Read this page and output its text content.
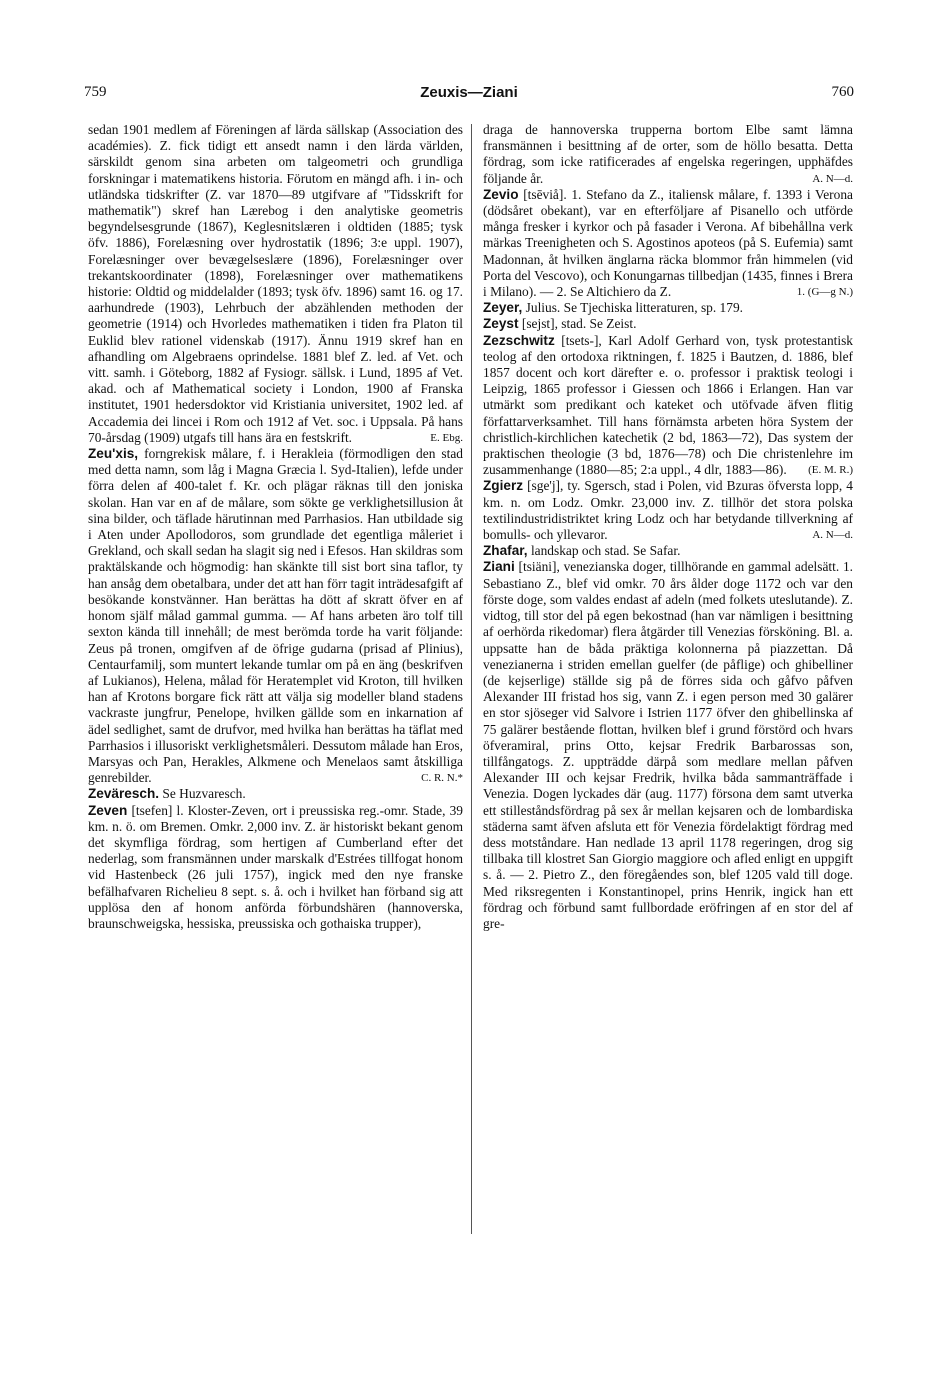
759	Zeuxis—Ziani	760

sedan 1901 medlem af Föreningen af lärda sällskap (Association des académies). Z. fick tidigt ett ansedt namn i den lärda världen, särskildt genom sina arbeten om talgeometri och grundliga forskningar i matematikens historia. Förutom en mängd afh. i in- och utländska tidskrifter (Z. var 1870—89 utgifvare af "Tidsskrift for mathematik") skref han Lærebog i den analytiske geometris begyndelsesgrunde (1867), Keglesnitslæren i oldtiden (1885; tysk öfv. 1886), Forelæsning over hydrostatik (1896; 3:e uppl. 1907), Forelæsninger over bevægelseslære (1896), Forelæsninger over trekantskoordinater (1898), Forelæsninger over mathematikens historie: Oldtid og middelalder (1893; tysk öfv. 1896) samt 16. og 17. aarhundrede (1903), Lehrbuch der abzählenden methoden der geometrie (1914) och Hvorledes mathematiken i tiden fra Platon til Euklid blev rationel videnskab (1917). Ännu 1919 skref han en afhandling om Algebraens oprindelse. 1881 blef Z. led. af Vet. och vitt. samh. i Göteborg, 1882 af Fysiogr. sällsk. i Lund, 1895 af Vet. akad. och af Mathematical society i London, 1900 af Franska institutet, 1901 hedersdoktor vid Kristiania universitet, 1902 led. af Accademia dei lincei i Rom och 1912 af Vet. soc. i Uppsala. På hans 70-årsdag (1909) utgafs till hans ära en festskrift.	E. Ebg.

Zeu'xis, forngrekisk målare, f. i Herakleia (förmodligen den stad med detta namn, som låg i Magna Græcia l. Syd-Italien), lefde under förra delen af 400-talet f. Kr. och plägar räknas till den joniska skolan. Han var en af de målare, som sökte ge verklighetsillusion åt sina bilder, och täflade härutinnan med Parrhasios. Han utbildade sig i Aten under Apollodoros, som grundlade det egentliga måleriet i Grekland, och skall sedan ha slagit sig ned i Efesos. Han skildras som praktälskande och högmodig: han skänkte till sist bort sina taflor, ty han ansåg dem obetalbara, under det att han förr tagit inträdesafgift af besökande konstvänner. Han berättas ha dött af skratt öfver en af honom själf målad gammal gumma. — Af hans arbeten äro tolf till sexton kända till innehåll; de mest berömda torde ha varit följande: Zeus på tronen, omgifven af de öfrige gudarna (prisad af Plinius), Centaurfamilj, som muntert lekande tumlar om på en äng (beskrifven af Lukianos), Helena, målad för Heratemplet vid Kroton, till hvilken han af Krotons borgare fick rätt att välja sig modeller bland stadens vackraste jungfrur, Penelope, hvilken gällde som en inkarnation af ädel sedlighet, samt de drufvor, med hvilka han berättas ha täflat med Parrhasios i illusoriskt verklighetsmåleri. Dessutom målade han Eros, Marsyas och Pan, Herakles, Alkmene och Menelaos samt åtskilliga genrebilder.	C. R. N.*

Zeväresch. Se Huzvaresch.

Zeven [tsefen] l. Kloster-Zeven, ort i preussiska reg.-omr. Stade, 39 km. n. ö. om Bremen. Omkr. 2,000 inv. Z. är historiskt bekant genom det skymfliga fördrag, som hertigen af Cumberland efter det nederlag, som fransmännen under marskalk d'Estrées tillfogat honom vid Hastenbeck (26 juli 1757), ingick med den nye franske befälhafvaren Richelieu 8 sept. s. å. och i hvilket han förband sig att upplösa den af honom anförda förbundshären (hannoverska, braunschweigska, hessiska, preussiska och gothaiska trupper),

draga de hannoverska trupperna bortom Elbe samt lämna fransmännen i besittning af de orter, som de höllo besatta. Detta fördrag, som icke ratificerades af engelska regeringen, upphäfdes följande år.	A. N—d.

Zevio [tsēviå]. 1. Stefano da Z., italiensk målare, f. 1393 i Verona (dödsåret obekant), var en efterföljare af Pisanello och utförde många fresker i kyrkor och på fasader i Verona. Af bibehållna verk märkas Treenigheten och S. Agostinos apoteos (på S. Eufemia) samt Madonnan, åt hvilken änglarna räcka blommor från himmelen (vid Porta del Vescovo), och Konungarnas tillbedjan (1435, finnes i Brera i Milano). — 2. Se Altichiero da Z.	1. (G—g N.)

Zeyer, Julius. Se Tjechiska litteraturen, sp. 179.

Zeyst [sejst], stad. Se Zeist.

Zezschwitz [tsets-], Karl Adolf Gerhard von, tysk protestantisk teolog af den ortodoxa riktningen, f. 1825 i Bautzen, d. 1886, blef 1857 docent och kort därefter e. o. professor i praktisk teologi i Leipzig, 1865 professor i Giessen och 1866 i Erlangen. Han var utmärkt som predikant och kateket och utöfvade äfven flitig författarverksamhet. Till hans förnämsta arbeten höra System der christlich-kirchlichen katechetik (2 bd, 1863—72), Das system der praktischen theologie (3 bd, 1876—78) och Die christenlehre im zusammenhange (1880—85; 2:a uppl., 4 dlr, 1883—86). (E. M. R.)

Zgierz [sge'j], ty. Sgersch, stad i Polen, vid Bzuras öfversta lopp, 4 km. n. om Lodz. Omkr. 23,000 inv. Z. tillhör det stora polska textilindustridistriktet kring Lodz och har betydande tillverkning af bomulls- och yllevaror.	A. N—d.

Zhafar, landskap och stad. Se Safar.

Ziani [tsiäni], venezianska doger, tillhörande en gammal adelsätt. 1. Sebastiano Z., blef vid omkr. 70 års ålder doge 1172 och var den förste doge, som valdes endast af adeln (med folkets uteslutande). Z. vidtog, till stor del på egen bekostnad (han var nämligen i besittning af oerhörda rikedomar) flera åtgärder till Venezias försköning. Bl. a. uppsatte han de båda präktiga kolonnerna på piazzettan. Då venezianerna i striden emellan guelfer (de påflige) och ghibelliner (de kejserlige) ställde sig på de förres sida och gåfvo påfven Alexander III fristad hos sig, vann Z. i egen person med 30 galärer en stor sjöseger vid Salvore i Istrien 1177 öfver den ghibellinska af 75 galärer bestående flottan, hvilken blef i grund förstörd och hvars öfveramiral, prins Otto, kejsar Fredrik Barbarossas son, tillfångatogs. Z. uppträdde därpå som medlare mellan påfven Alexander III och kejsar Fredrik, hvilka båda sammanträffade i Venezia. Dogen lyckades där (aug. 1177) försona dem samt utverka ett stilleståndsfördrag på sex år mellan kejsaren och de lombardiska städerna samt äfven afsluta ett för Venezia fördelaktigt fördrag med dess motståndare. Han nedlade 13 april 1178 regeringen, drog sig tillbaka till klostret San Giorgio maggiore och afled enligt en uppgift s. å. — 2. Pietro Z., den föregåendes son, blef 1205 vald till doge. Med riksregenten i Konstantinopel, prins Henrik, ingick han ett fördrag och förbund samt fullbordade eröfringen af en stor del af gre-
